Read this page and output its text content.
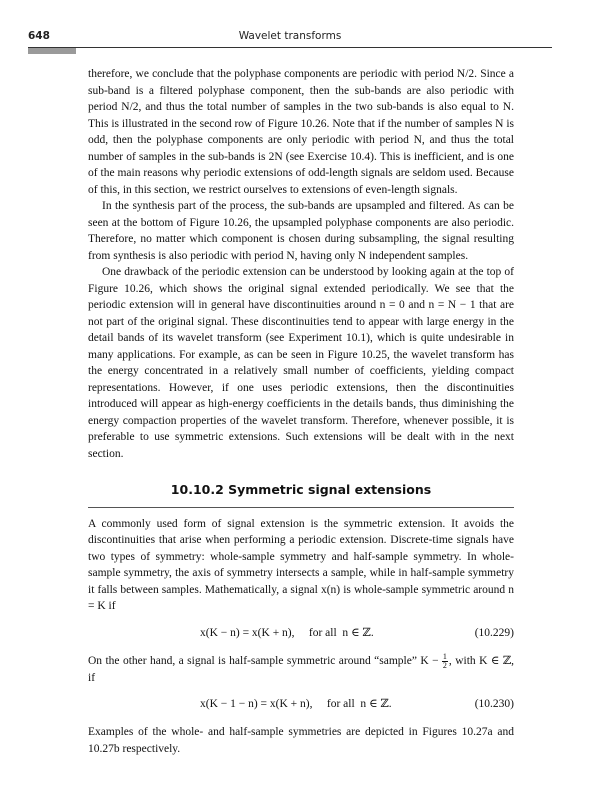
648	Wavelet transforms

therefore, we conclude that the polyphase components are periodic with period N/2. Since a sub-band is a filtered polyphase component, then the sub-bands are also periodic with period N/2, and thus the total number of samples in the two sub-bands is also equal to N. This is illustrated in the second row of Figure 10.26. Note that if the number of samples N is odd, then the polyphase components are only periodic with period N, and thus the total number of samples in the sub-bands is 2N (see Exercise 10.4). This is inefficient, and is one of the main reasons why periodic extensions of odd-length signals are seldom used. Because of this, in this section, we restrict ourselves to extensions of even-length signals.

In the synthesis part of the process, the sub-bands are upsampled and filtered. As can be seen at the bottom of Figure 10.26, the upsampled polyphase components are also periodic. Therefore, no matter which component is chosen during subsampling, the signal resulting from synthesis is also periodic with period N, having only N independent samples.

One drawback of the periodic extension can be understood by looking again at the top of Figure 10.26, which shows the original signal extended periodically. We see that the periodic extension will in general have discontinuities around n = 0 and n = N − 1 that are not part of the original signal. These discontinuities tend to appear with large energy in the detail bands of its wavelet transform (see Experiment 10.1), which is quite undesirable in many applications. For example, as can be seen in Figure 10.25, the wavelet transform has the energy concentrated in a relatively small number of coefficients, yielding compact representations. However, if one uses periodic extensions, then the discontinuities introduced will appear as high-energy coefficients in the details bands, thus diminishing the energy compaction properties of the wavelet transform. Therefore, whenever possible, it is preferable to use symmetric extensions. Such extensions will be dealt with in the next section.

10.10.2 Symmetric signal extensions

A commonly used form of signal extension is the symmetric extension. It avoids the discontinuities that arise when performing a periodic extension. Discrete-time signals have two types of symmetry: whole-sample symmetry and half-sample symmetry. In whole-sample symmetry, the axis of symmetry intersects a sample, while in half-sample symmetry it falls between samples. Mathematically, a signal x(n) is whole-sample symmetric around n = K if

x(K − n) = x(K + n),     for all  n ∈ ℤ.	(10.229)

On the other hand, a signal is half-sample symmetric around “sample” $K - \frac{1}{2}$ , with K ∈ ℤ, if

x(K − 1 − n) = x(K + n),     for all  n ∈ ℤ.	(10.230)

Examples of the whole- and half-sample symmetries are depicted in Figures 10.27a and 10.27b respectively.
